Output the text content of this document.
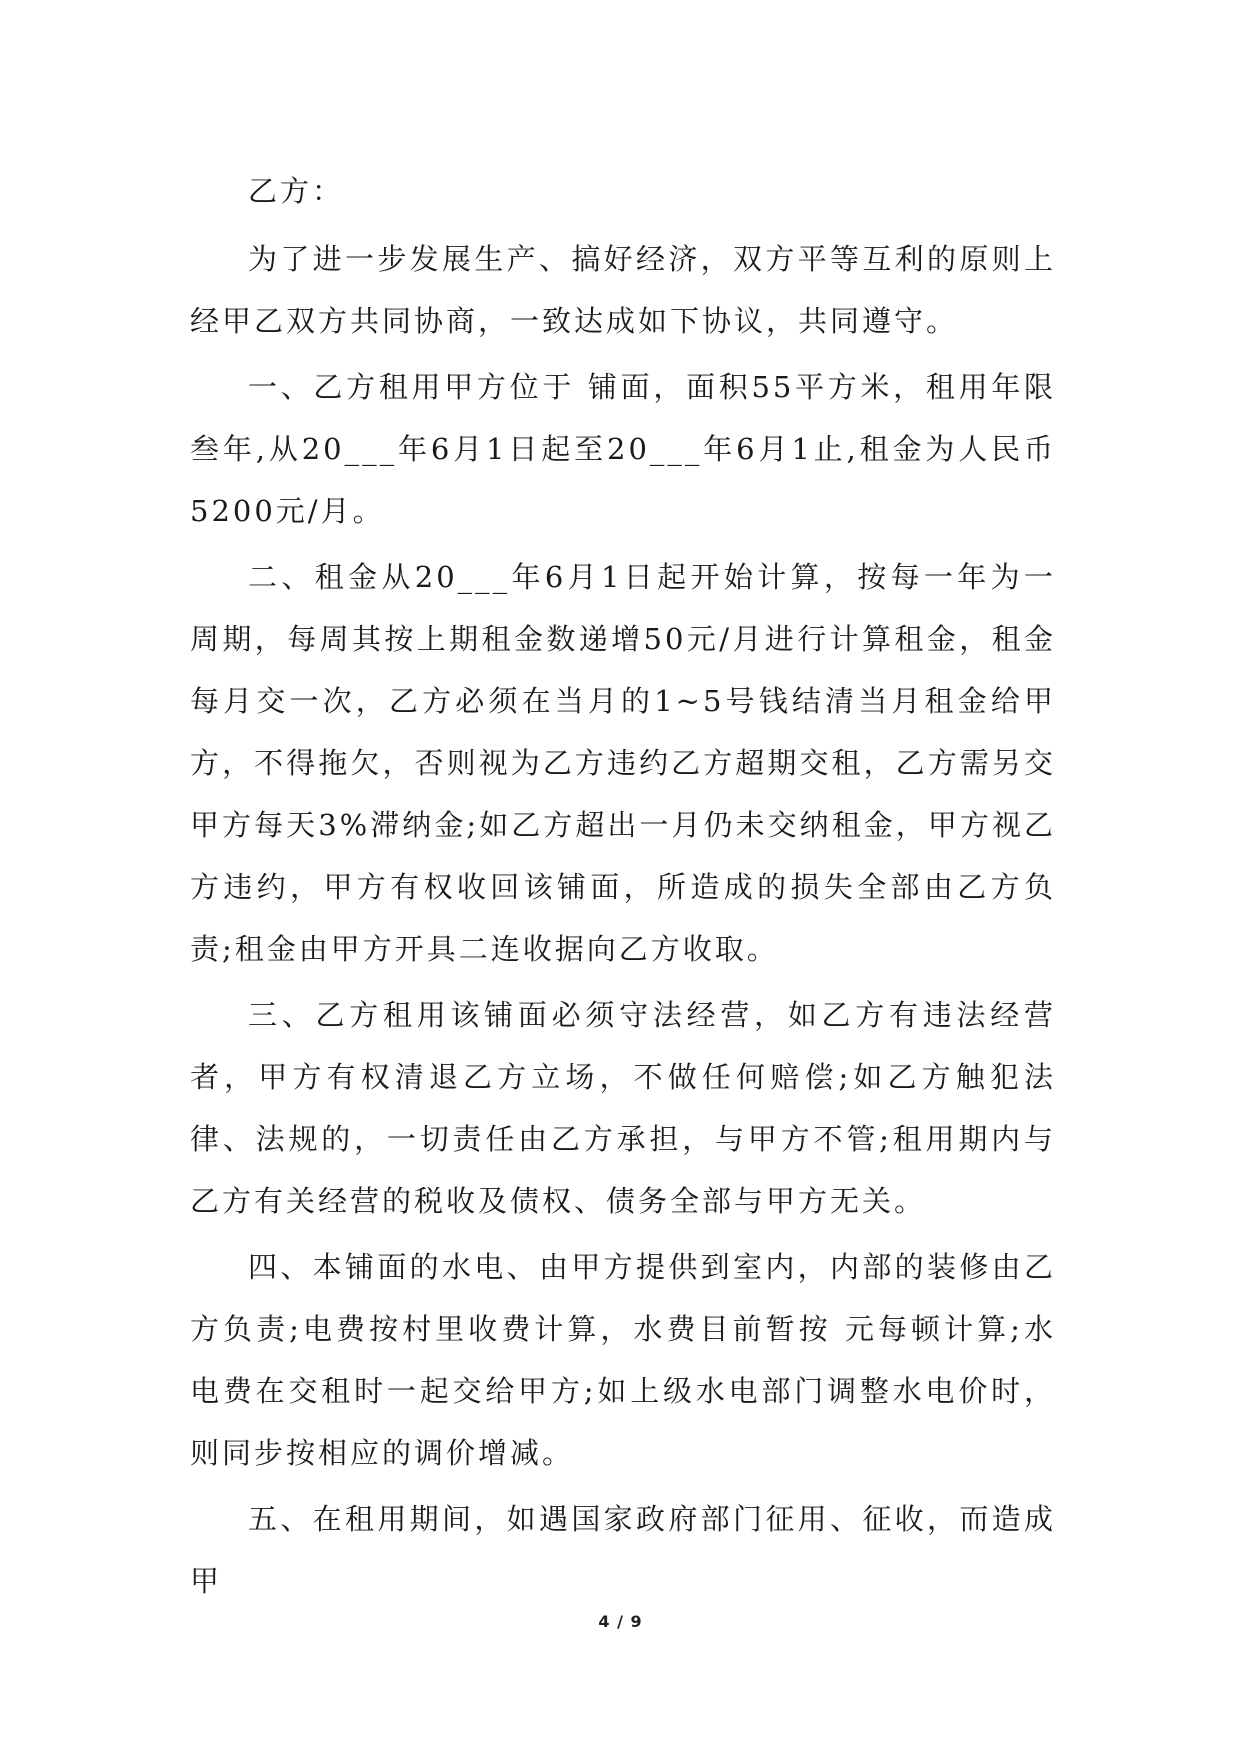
乙方：

为了进一步发展生产、搞好经济，双方平等互利的原则上经甲乙双方共同协商，一致达成如下协议，共同遵守。

一、乙方租用甲方位于 铺面，面积55平方米，租用年限叁年,从20___年6月1日起至20___年6月1止,租金为人民币5200元/月。

二、租金从20___年6月1日起开始计算，按每一年为一周期，每周其按上期租金数递增50元/月进行计算租金，租金每月交一次，乙方必须在当月的1~5号钱结清当月租金给甲方，不得拖欠，否则视为乙方违约乙方超期交租，乙方需另交甲方每天3%滞纳金;如乙方超出一月仍未交纳租金，甲方视乙方违约，甲方有权收回该铺面，所造成的损失全部由乙方负责;租金由甲方开具二连收据向乙方收取。

三、乙方租用该铺面必须守法经营，如乙方有违法经营者，甲方有权清退乙方立场，不做任何赔偿;如乙方触犯法律、法规的，一切责任由乙方承担，与甲方不管;租用期内与乙方有关经营的税收及债权、债务全部与甲方无关。

四、本铺面的水电、由甲方提供到室内，内部的装修由乙方负责;电费按村里收费计算，水费目前暂按 元每顿计算;水电费在交租时一起交给甲方;如上级水电部门调整水电价时，则同步按相应的调价增减。

五、在租用期间，如遇国家政府部门征用、征收，而造成甲

4 / 9
